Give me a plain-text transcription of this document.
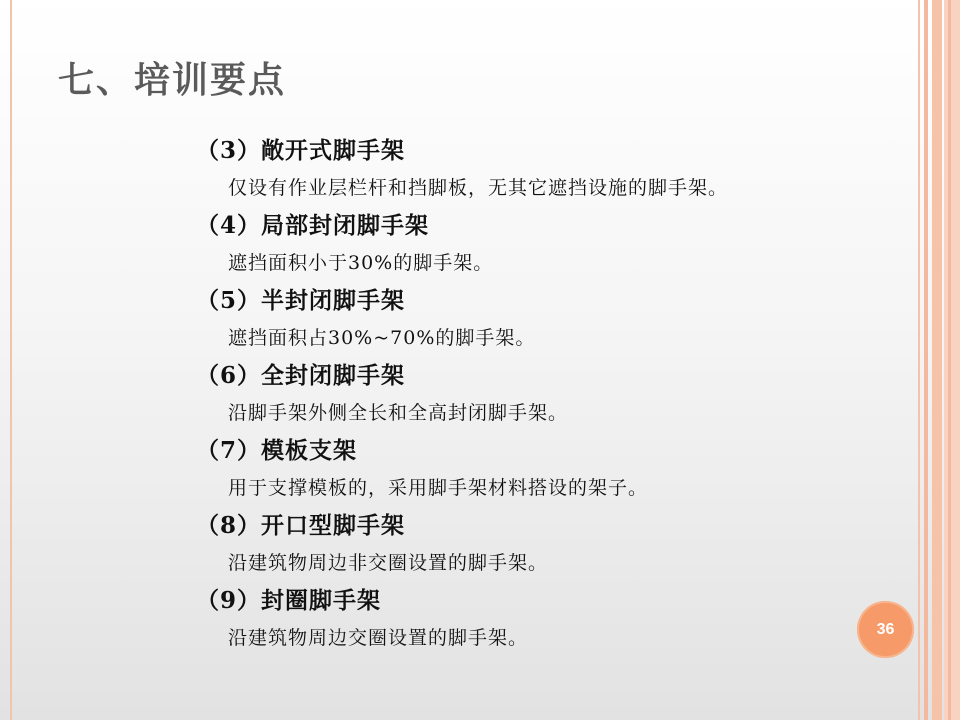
七、培训要点
（3）敞开式脚手架
仅设有作业层栏杆和挡脚板，无其它遮挡设施的脚手架。
（4）局部封闭脚手架
遮挡面积小于30%的脚手架。
（5）半封闭脚手架
遮挡面积占30%~70%的脚手架。
（6）全封闭脚手架
沿脚手架外侧全长和全高封闭脚手架。
（7）模板支架
用于支撑模板的，采用脚手架材料搭设的架子。
（8）开口型脚手架
沿建筑物周边非交圈设置的脚手架。
（9）封圈脚手架
沿建筑物周边交圈设置的脚手架。	36
